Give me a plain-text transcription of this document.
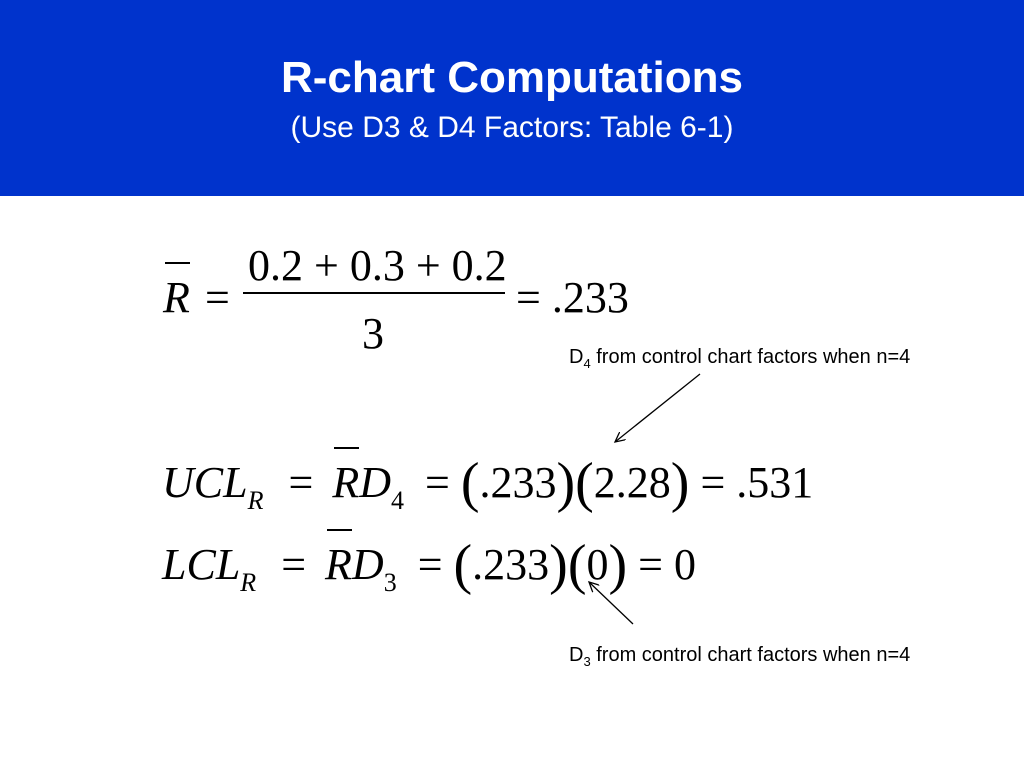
R-chart Computations
(Use D3 & D4 Factors: Table 6-1)
R =
0.2 + 0.3 + 0.2
3
= .233
$UCL_R = RD_4 = (.233)(2.28) = .531$
$LCL_R = RD_3 = (.233)(0) = 0$
$D_4$ from control chart factors when n=4
$D_3$ from control chart factors when n=4
